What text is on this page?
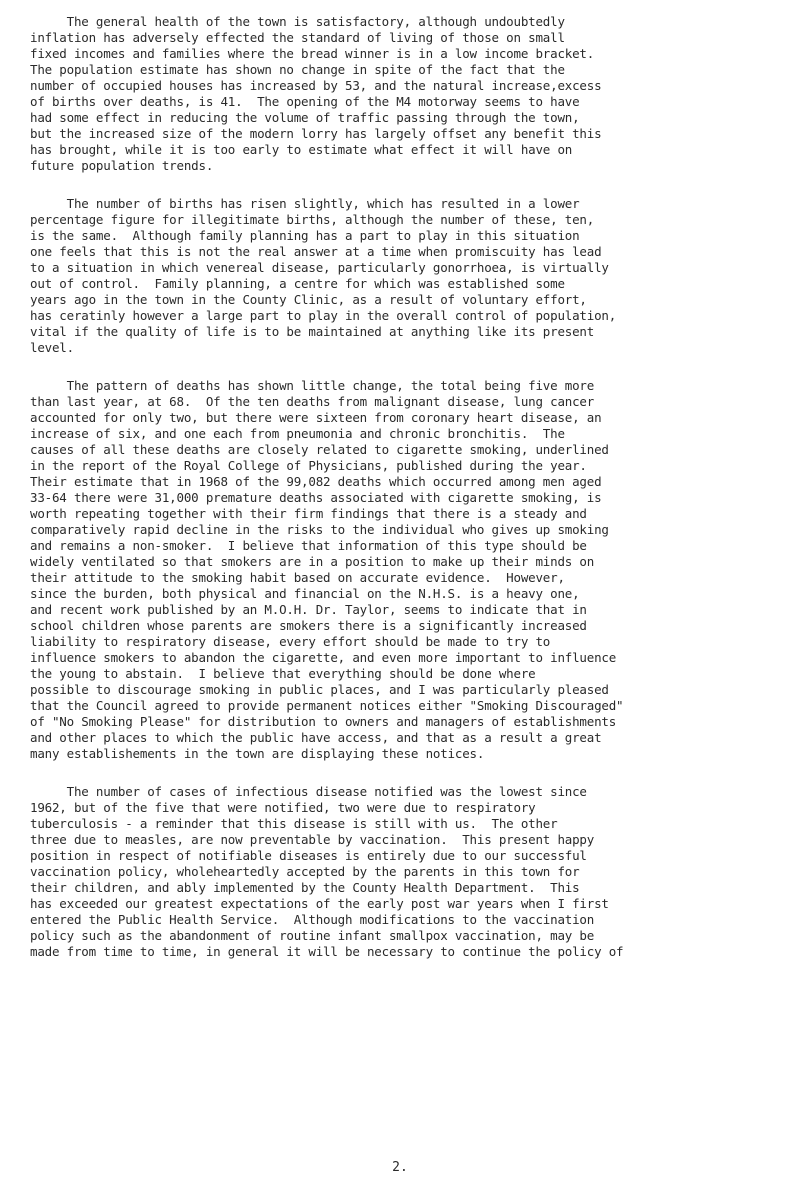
The general health of the town is satisfactory, although undoubtedly
inflation has adversely effected the standard of living of those on small
fixed incomes and families where the bread winner is in a low income bracket.
The population estimate has shown no change in spite of the fact that the
number of occupied houses has increased by 53, and the natural increase,excess
of births over deaths, is 41.  The opening of the M4 motorway seems to have
had some effect in reducing the volume of traffic passing through the town,
but the increased size of the modern lorry has largely offset any benefit this
has brought, while it is too early to estimate what effect it will have on
future population trends.
The number of births has risen slightly, which has resulted in a lower
percentage figure for illegitimate births, although the number of these, ten,
is the same.  Although family planning has a part to play in this situation
one feels that this is not the real answer at a time when promiscuity has lead
to a situation in which venereal disease, particularly gonorrhoea, is virtually
out of control.  Family planning, a centre for which was established some
years ago in the town in the County Clinic, as a result of voluntary effort,
has ceratinly however a large part to play in the overall control of population,
vital if the quality of life is to be maintained at anything like its present
level.
The pattern of deaths has shown little change, the total being five more
than last year, at 68.  Of the ten deaths from malignant disease, lung cancer
accounted for only two, but there were sixteen from coronary heart disease, an
increase of six, and one each from pneumonia and chronic bronchitis.  The
causes of all these deaths are closely related to cigarette smoking, underlined
in the report of the Royal College of Physicians, published during the year.
Their estimate that in 1968 of the 99,082 deaths which occurred among men aged
33-64 there were 31,000 premature deaths associated with cigarette smoking, is
worth repeating together with their firm findings that there is a steady and
comparatively rapid decline in the risks to the individual who gives up smoking
and remains a non-smoker.  I believe that information of this type should be
widely ventilated so that smokers are in a position to make up their minds on
their attitude to the smoking habit based on accurate evidence.  However,
since the burden, both physical and financial on the N.H.S. is a heavy one,
and recent work published by an M.O.H. Dr. Taylor, seems to indicate that in
school children whose parents are smokers there is a significantly increased
liability to respiratory disease, every effort should be made to try to
influence smokers to abandon the cigarette, and even more important to influence
the young to abstain.  I believe that everything should be done where
possible to discourage smoking in public places, and I was particularly pleased
that the Council agreed to provide permanent notices either "Smoking Discouraged"
of "No Smoking Please" for distribution to owners and managers of establishments
and other places to which the public have access, and that as a result a great
many establishements in the town are displaying these notices.
The number of cases of infectious disease notified was the lowest since
1962, but of the five that were notified, two were due to respiratory
tuberculosis - a reminder that this disease is still with us.  The other
three due to measles, are now preventable by vaccination.  This present happy
position in respect of notifiable diseases is entirely due to our successful
vaccination policy, wholeheartedly accepted by the parents in this town for
their children, and ably implemented by the County Health Department.  This
has exceeded our greatest expectations of the early post war years when I first
entered the Public Health Service.  Although modifications to the vaccination
policy such as the abandonment of routine infant smallpox vaccination, may be
made from time to time, in general it will be necessary to continue the policy of
2.
